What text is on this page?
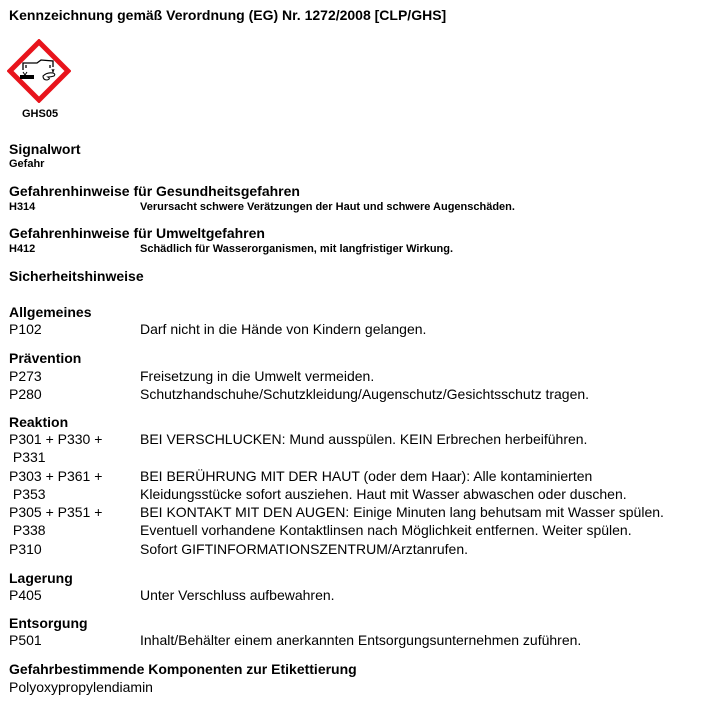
Kennzeichnung gemäß Verordnung (EG) Nr. 1272/2008 [CLP/GHS]
GHS05
Signalwort
Gefahr
Gefahrenhinweise für Gesundheitsgefahren
H314	Verursacht schwere Verätzungen der Haut und schwere Augenschäden.
Gefahrenhinweise für Umweltgefahren
H412	Schädlich für Wasserorganismen, mit langfristiger Wirkung.
Sicherheitshinweise
Allgemeines
P102	Darf nicht in die Hände von Kindern gelangen.
Prävention
P273	Freisetzung in die Umwelt vermeiden.
P280	Schutzhandschuhe/Schutzkleidung/Augenschutz/Gesichtsschutz tragen.
Reaktion
P301 + P330 +	BEI VERSCHLUCKEN: Mund ausspülen. KEIN Erbrechen herbeiführen.
P331
P303 + P361 +	BEI BERÜHRUNG MIT DER HAUT (oder dem Haar): Alle kontaminierten
P353	Kleidungsstücke sofort ausziehen. Haut mit Wasser abwaschen oder duschen.
P305 + P351 +	BEI KONTAKT MIT DEN AUGEN: Einige Minuten lang behutsam mit Wasser spülen.
P338	Eventuell vorhandene Kontaktlinsen nach Möglichkeit entfernen. Weiter spülen.
P310	Sofort GIFTINFORMATIONSZENTRUM/Arztanrufen.
Lagerung
P405	Unter Verschluss aufbewahren.
Entsorgung
P501	Inhalt/Behälter einem anerkannten Entsorgungsunternehmen zuführen.
Gefahrbestimmende Komponenten zur Etikettierung
Polyoxypropylendiamin
